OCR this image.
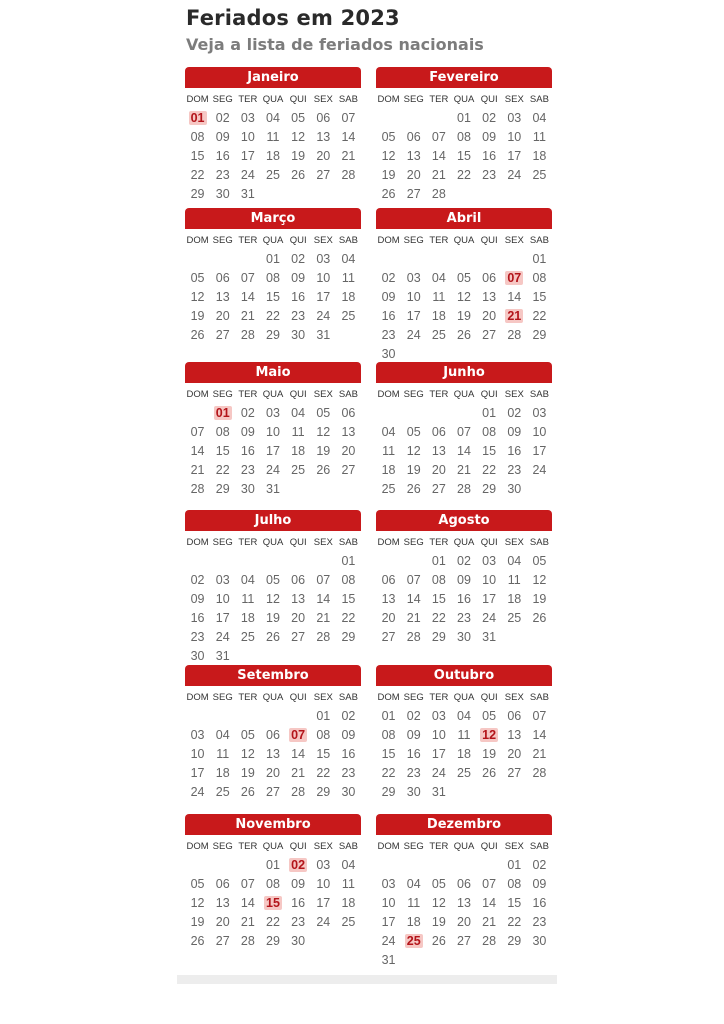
Feriados em 2023
Veja a lista de feriados nacionais
Janeiro
DOM SEG TER QUA QUI SEX SAB
01 02 03 04 05 06 07
08 09 10 11 12 13 14
15 16 17 18 19 20 21
22 23 24 25 26 27 28
29 30 31
Fevereiro
DOM SEG TER QUA QUI SEX SAB
01 02 03 04
05 06 07 08 09 10 11
12 13 14 15 16 17 18
19 20 21 22 23 24 25
26 27 28
Março
DOM SEG TER QUA QUI SEX SAB
01 02 03 04
05 06 07 08 09 10 11
12 13 14 15 16 17 18
19 20 21 22 23 24 25
26 27 28 29 30 31
Abril
DOM SEG TER QUA QUI SEX SAB
01
02 03 04 05 06 07 08
09 10 11 12 13 14 15
16 17 18 19 20 21 22
23 24 25 26 27 28 29
30
Maio
DOM SEG TER QUA QUI SEX SAB
01 02 03 04 05 06
07 08 09 10 11 12 13
14 15 16 17 18 19 20
21 22 23 24 25 26 27
28 29 30 31
Junho
DOM SEG TER QUA QUI SEX SAB
01 02 03
04 05 06 07 08 09 10
11 12 13 14 15 16 17
18 19 20 21 22 23 24
25 26 27 28 29 30
Julho
DOM SEG TER QUA QUI SEX SAB
01
02 03 04 05 06 07 08
09 10 11 12 13 14 15
16 17 18 19 20 21 22
23 24 25 26 27 28 29
30 31
Agosto
DOM SEG TER QUA QUI SEX SAB
01 02 03 04 05
06 07 08 09 10 11 12
13 14 15 16 17 18 19
20 21 22 23 24 25 26
27 28 29 30 31
Setembro
DOM SEG TER QUA QUI SEX SAB
01 02
03 04 05 06 07 08 09
10 11 12 13 14 15 16
17 18 19 20 21 22 23
24 25 26 27 28 29 30
Outubro
DOM SEG TER QUA QUI SEX SAB
01 02 03 04 05 06 07
08 09 10 11 12 13 14
15 16 17 18 19 20 21
22 23 24 25 26 27 28
29 30 31
Novembro
DOM SEG TER QUA QUI SEX SAB
01 02 03 04
05 06 07 08 09 10 11
12 13 14 15 16 17 18
19 20 21 22 23 24 25
26 27 28 29 30
Dezembro
DOM SEG TER QUA QUI SEX SAB
01 02
03 04 05 06 07 08 09
10 11 12 13 14 15 16
17 18 19 20 21 22 23
24 25 26 27 28 29 30
31
